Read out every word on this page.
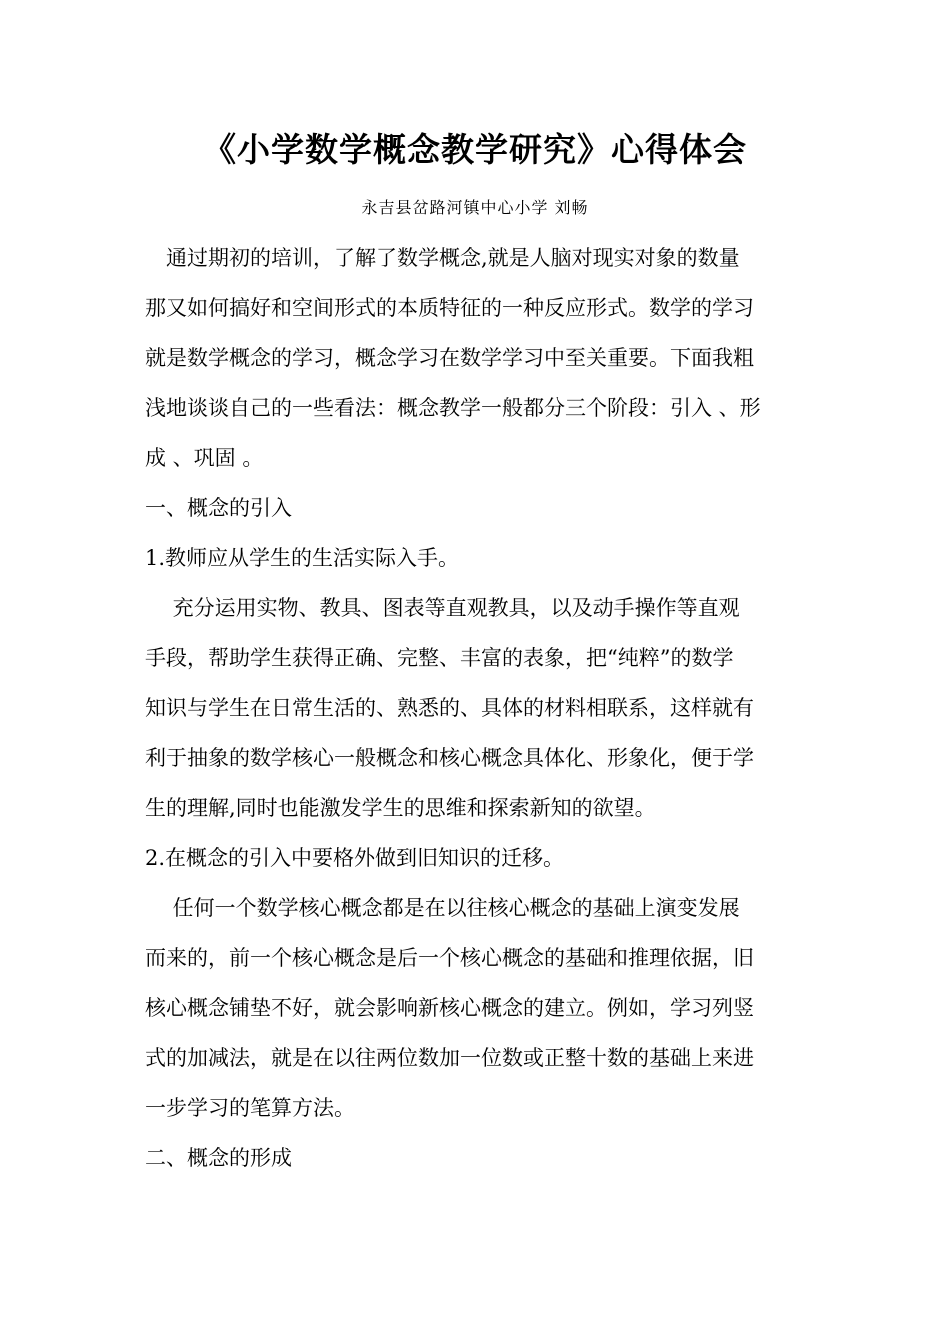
《小学数学概念教学研究》心得体会
永吉县岔路河镇中心小学 刘畅
　通过期初的培训，了解了数学概念,就是人脑对现实对象的数量
那又如何搞好和空间形式的本质特征的一种反应形式。数学的学习
就是数学概念的学习，概念学习在数学学习中至关重要。下面我粗
浅地谈谈自己的一些看法：概念教学一般都分三个阶段：引入 、形
成 、巩固 。
一、概念的引入
1.教师应从学生的生活实际入手。
　 充分运用实物、教具、图表等直观教具，以及动手操作等直观
手段，帮助学生获得正确、完整、丰富的表象，把“纯粹”的数学
知识与学生在日常生活的、熟悉的、具体的材料相联系，这样就有
利于抽象的数学核心一般概念和核心概念具体化、形象化，便于学
生的理解,同时也能激发学生的思维和探索新知的欲望。
2.在概念的引入中要格外做到旧知识的迁移。
　 任何一个数学核心概念都是在以往核心概念的基础上演变发展
而来的，前一个核心概念是后一个核心概念的基础和推理依据，旧
核心概念铺垫不好，就会影响新核心概念的建立。例如，学习列竖
式的加减法，就是在以往两位数加一位数或正整十数的基础上来进
一步学习的笔算方法。
二、概念的形成
